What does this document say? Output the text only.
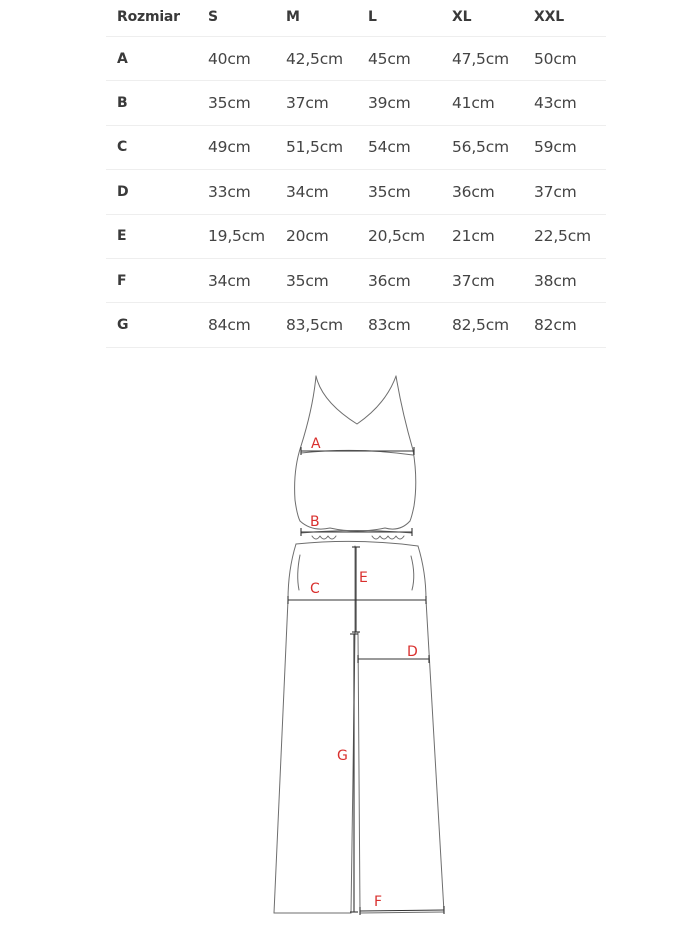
Rozmiar S	M	L	XL	XXL
A	40cm 42,5cm 45cm	47,5cm 50cm
B	35cm 37cm	39cm	41cm	43cm
C	49cm 51,5cm 54cm	56,5cm 59cm
D	33cm 34cm	35cm	36cm	37cm
E	19,5cm 20cm	20,5cm 21cm	22,5cm
F	34cm 35cm	36cm	37cm	38cm
G	84cm 83,5cm 83cm	82,5cm 82cm
A
B
C
E
D
G
F
